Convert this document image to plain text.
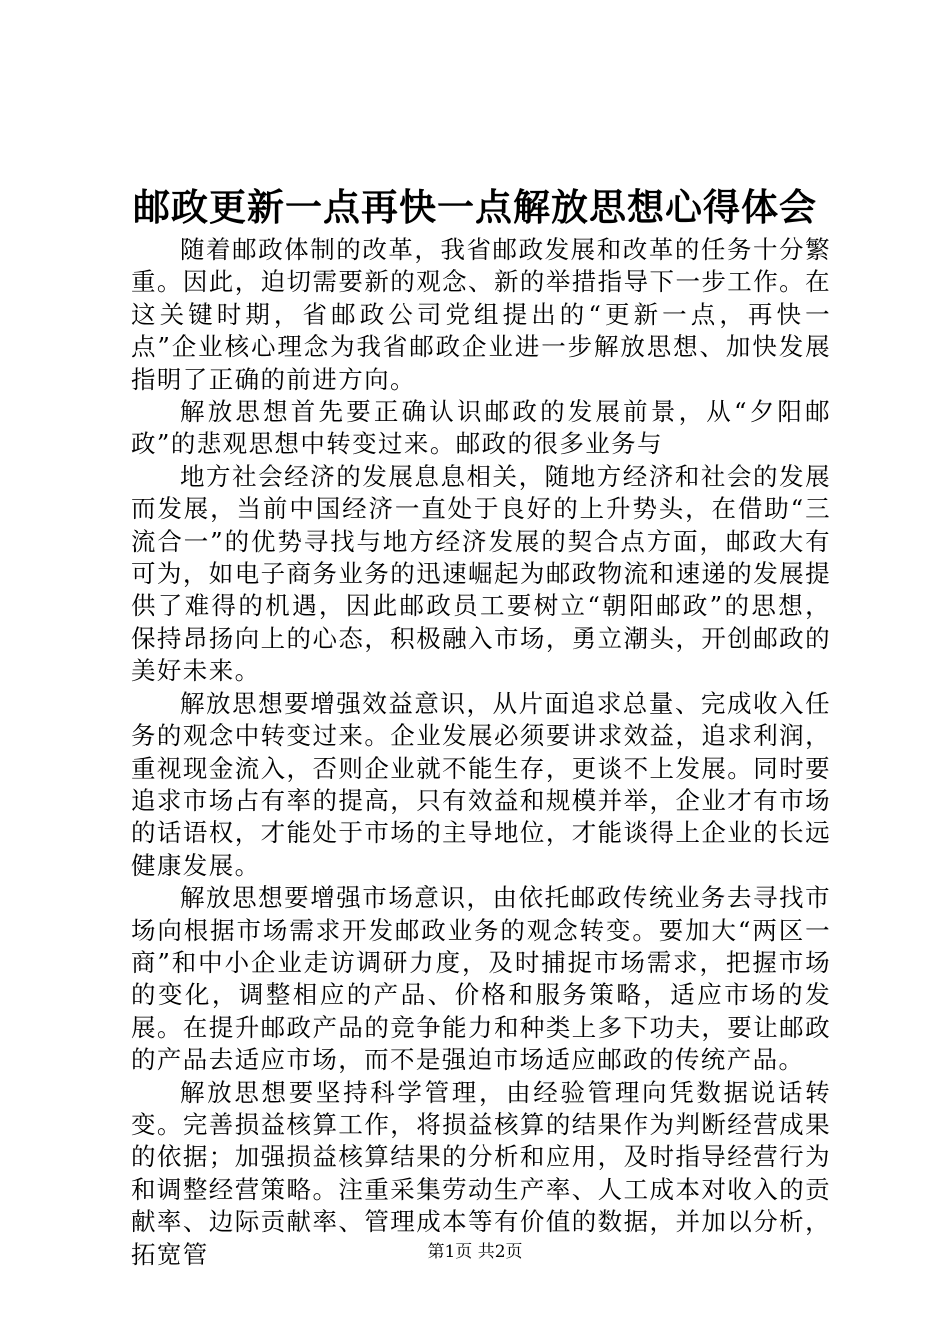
邮政更新一点再快一点解放思想心得体会

随着邮政体制的改革，我省邮政发展和改革的任务十分繁重。因此，迫切需要新的观念、新的举措指导下一步工作。在这关键时期，省邮政公司党组提出的“更新一点，再快一点”企业核心理念为我省邮政企业进一步解放思想、加快发展指明了正确的前进方向。

解放思想首先要正确认识邮政的发展前景，从“夕阳邮政”的悲观思想中转变过来。邮政的很多业务与

地方社会经济的发展息息相关，随地方经济和社会的发展而发展，当前中国经济一直处于良好的上升势头，在借助“三流合一”的优势寻找与地方经济发展的契合点方面，邮政大有可为，如电子商务业务的迅速崛起为邮政物流和速递的发展提供了难得的机遇，因此邮政员工要树立“朝阳邮政”的思想，保持昂扬向上的心态，积极融入市场，勇立潮头，开创邮政的美好未来。

解放思想要增强效益意识，从片面追求总量、完成收入任务的观念中转变过来。企业发展必须要讲求效益，追求利润，重视现金流入，否则企业就不能生存，更谈不上发展。同时要追求市场占有率的提高，只有效益和规模并举，企业才有市场的话语权，才能处于市场的主导地位，才能谈得上企业的长远健康发展。

解放思想要增强市场意识，由依托邮政传统业务去寻找市场向根据市场需求开发邮政业务的观念转变。要加大“两区一商”和中小企业走访调研力度，及时捕捉市场需求，把握市场的变化，调整相应的产品、价格和服务策略，适应市场的发展。在提升邮政产品的竞争能力和种类上多下功夫，要让邮政的产品去适应市场，而不是强迫市场适应邮政的传统产品。

解放思想要坚持科学管理，由经验管理向凭数据说话转变。完善损益核算工作，将损益核算的结果作为判断经营成果的依据；加强损益核算结果的分析和应用，及时指导经营行为和调整经营策略。注重采集劳动生产率、人工成本对收入的贡献率、边际贡献率、管理成本等有价值的数据，并加以分析，拓宽管	第1页 共2页
